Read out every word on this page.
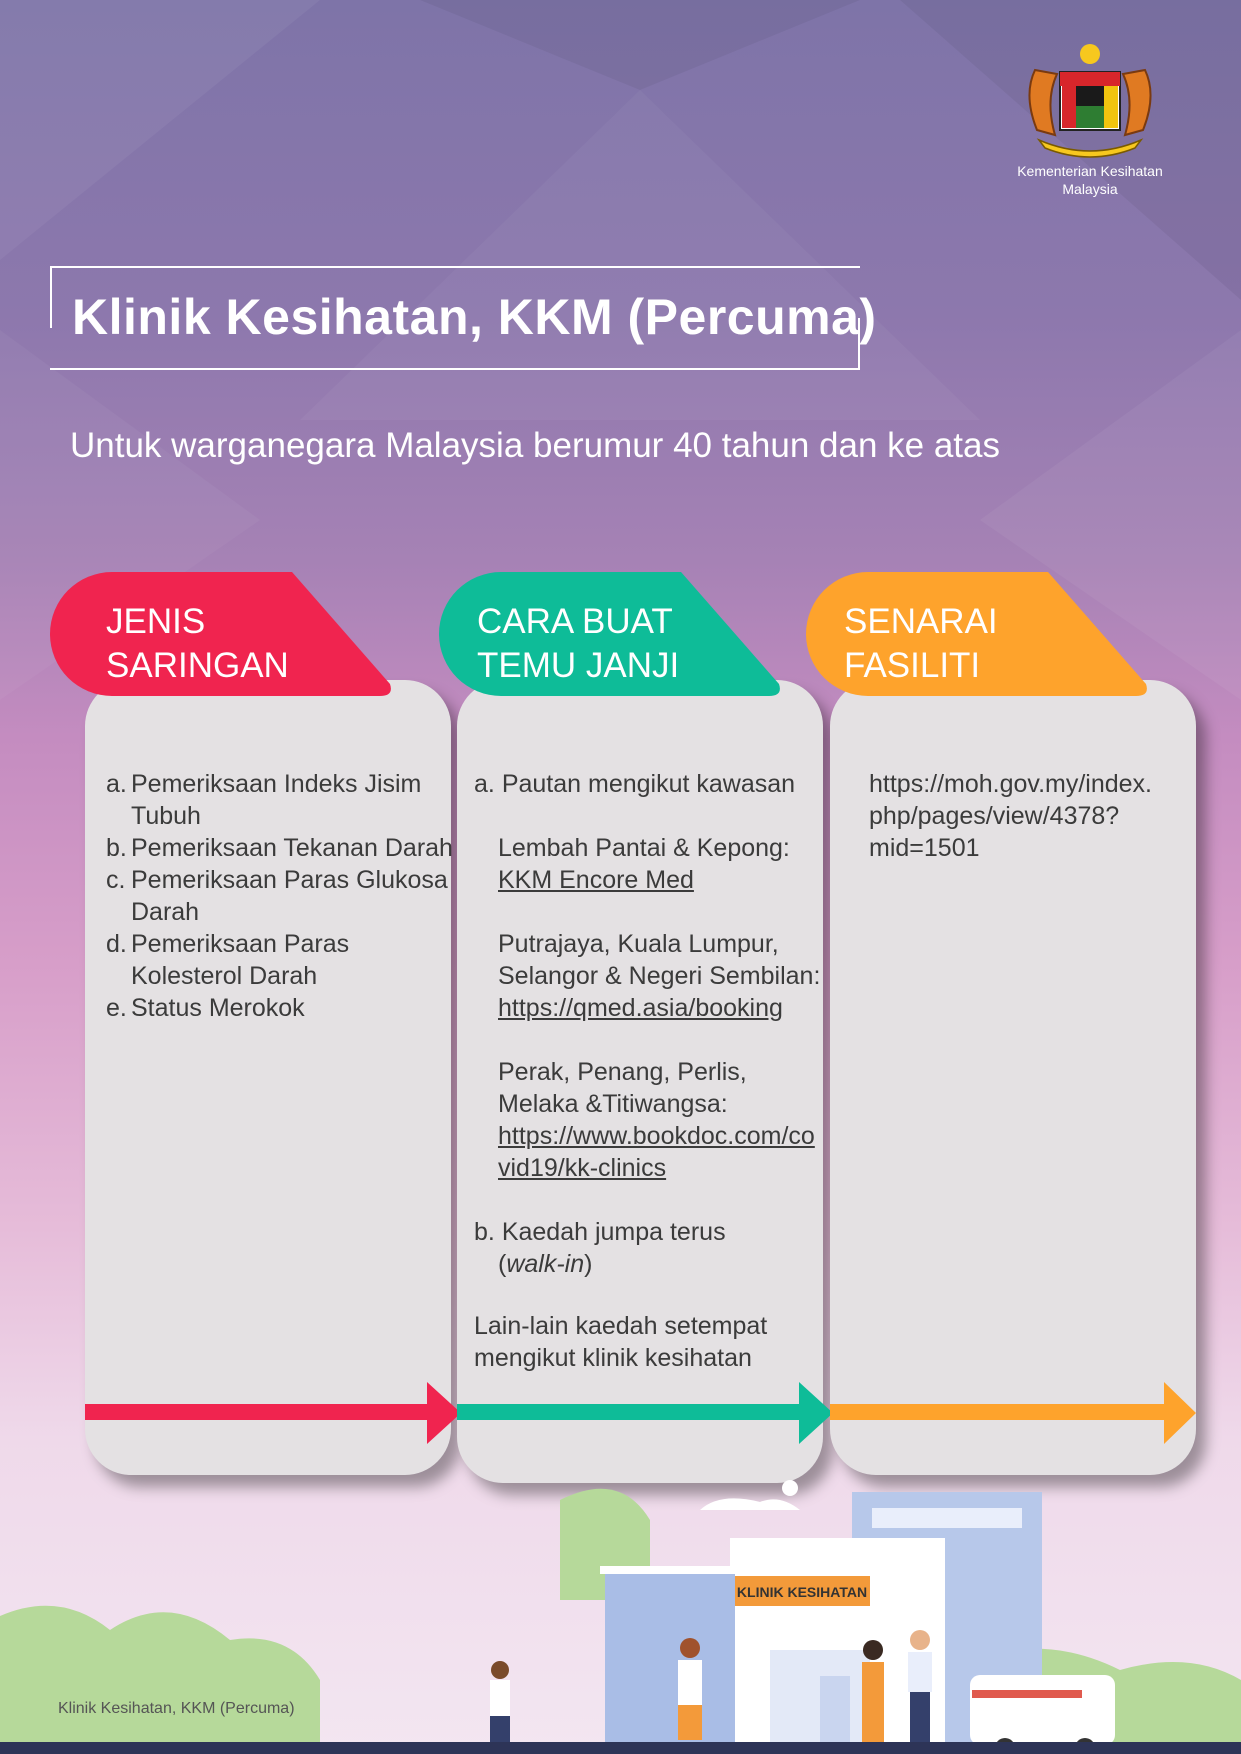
Kementerian Kesihatan
Malaysia
Klinik Kesihatan, KKM (Percuma)

Untuk warganegara Malaysia berumur 40 tahun dan ke atas

JENIS
SARINGAN

CARA BUAT
TEMU JANJI

SENARAI
FASILITI

a. Pemeriksaan Indeks Jisim Tubuh
b. Pemeriksaan Tekanan Darah
c. Pemeriksaan Paras Glukosa Darah
d. Pemeriksaan Paras Kolesterol Darah
e. Status Merokok

a. Pautan mengikut kawasan

Lembah Pantai & Kepong:

KKM Encore Med

Putrajaya, Kuala Lumpur, Selangor & Negeri Sembilan:

https://qmed.asia/booking

Perak, Penang, Perlis, Melaka &Titiwangsa:

https://www.bookdoc.com/covid19/kk-clinics

b. Kaedah jumpa terus

(walk-in)

Lain-lain kaedah setempat mengikut klinik kesihatan

https://moh.gov.my/index.
php/pages/view/4378?
mid=1501

KLINIK KESIHATAN

Klinik Kesihatan, KKM (Percuma)
